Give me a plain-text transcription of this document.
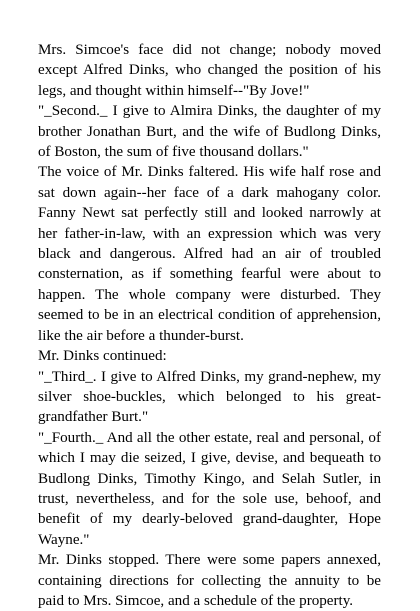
Mrs. Simcoe's face did not change; nobody moved except Alfred Dinks, who changed the position of his legs, and thought within himself--"By Jove!"

"_Second._ I give to Almira Dinks, the daughter of my brother Jonathan Burt, and the wife of Budlong Dinks, of Boston, the sum of five thousand dollars."

The voice of Mr. Dinks faltered. His wife half rose and sat down again--her face of a dark mahogany color. Fanny Newt sat perfectly still and looked narrowly at her father-in-law, with an expression which was very black and dangerous. Alfred had an air of troubled consternation, as if something fearful were about to happen. The whole company were disturbed. They seemed to be in an electrical condition of apprehension, like the air before a thunder-burst.

Mr. Dinks continued:

"_Third_. I give to Alfred Dinks, my grand-nephew, my silver shoe-buckles, which belonged to his great-grandfather Burt."

"_Fourth._ And all the other estate, real and personal, of which I may die seized, I give, devise, and bequeath to Budlong Dinks, Timothy Kingo, and Selah Sutler, in trust, nevertheless, and for the sole use, behoof, and benefit of my dearly-beloved grand-daughter, Hope Wayne."

Mr. Dinks stopped. There were some papers annexed, containing directions for collecting the annuity to be paid to Mrs. Simcoe, and a schedule of the property.
